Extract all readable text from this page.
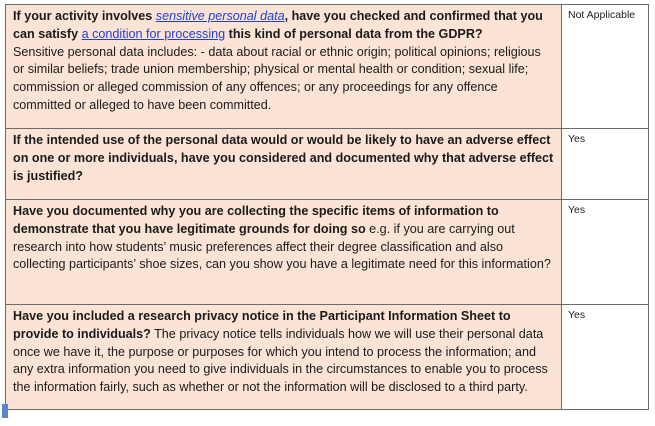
If your activity involves sensitive personal data, have you checked and confirmed that you can satisfy a condition for processing this kind of personal data from the GDPR?
Sensitive personal data includes: - data about racial or ethnic origin; political opinions; religious or similar beliefs; trade union membership; physical or mental health or condition; sexual life; commission or alleged commission of any offences; or any proceedings for any offence committed or alleged to have been committed.	Not Applicable

If the intended use of the personal data would or would be likely to have an adverse effect on one or more individuals, have you considered and documented why that adverse effect is justified?	Yes

Have you documented why you are collecting the specific items of information to demonstrate that you have legitimate grounds for doing so e.g. if you are carrying out research into how students’ music preferences affect their degree classification and also collecting participants’ shoe sizes, can you show you have a legitimate need for this information?	Yes

Have you included a research privacy notice in the Participant Information Sheet to provide to individuals? The privacy notice tells individuals how we will use their personal data once we have it, the purpose or purposes for which you intend to process the information; and any extra information you need to give individuals in the circumstances to enable you to process the information fairly, such as whether or not the information will be disclosed to a third party.	Yes
